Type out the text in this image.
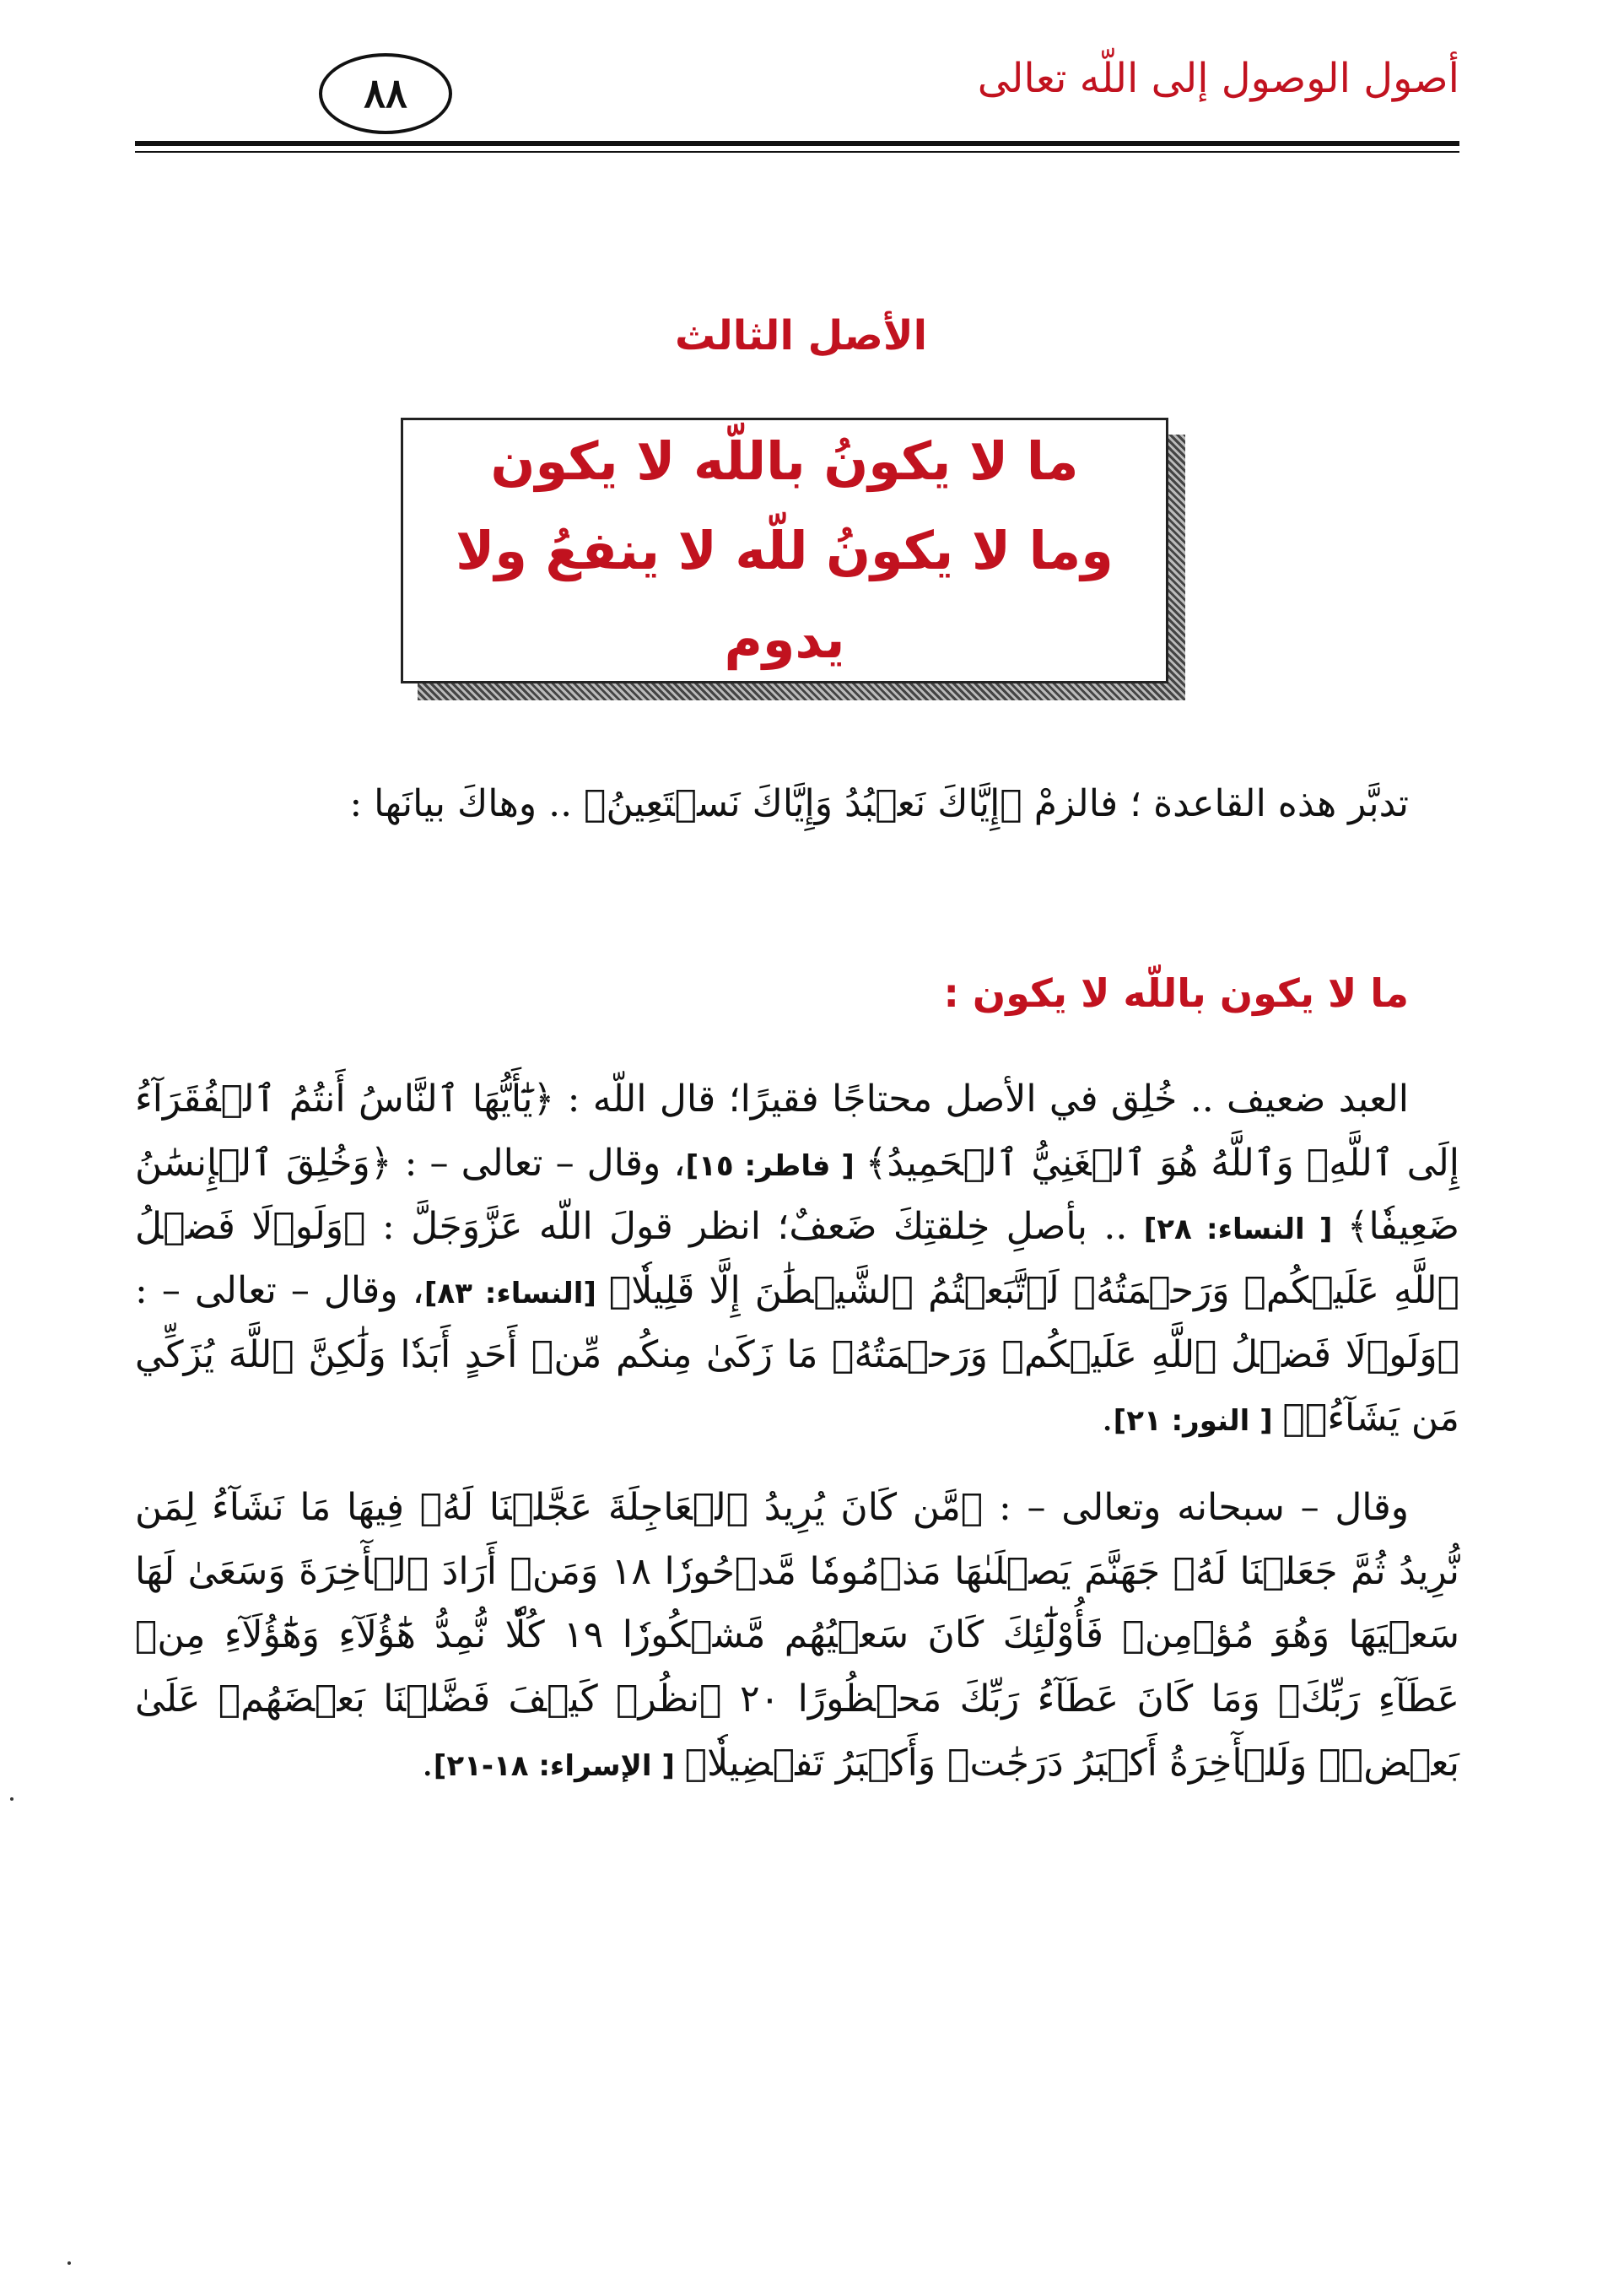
٨٨	أصول الوصول إلى اللّه تعالى
الأصل الثالث
ما لا يكونُ باللّه لا يكون
وما لا يكونُ للّه لا ينفعُ ولا يدوم

تدبَّر هذه القاعدة ؛ فالزمْ ﴿إِيَّاكَ نَعۡبُدُ وَإِيَّاكَ نَسۡتَعِينُ﴾ .. وهاكَ بيانَها :

ما لا يكون باللّه لا يكون :

العبد ضعيف .. خُلِق في الأصل محتاجًا فقيرًا؛ قال اللّه : ﴿يَٰٓأَيُّهَا ٱلنَّاسُ أَنتُمُ ٱلۡفُقَرَآءُ إِلَى ٱللَّهِۖ وَٱللَّهُ هُوَ ٱلۡغَنِيُّ ٱلۡحَمِيدُ﴾ [ فاطر: ١٥]، وقال – تعالى – : ﴿وَخُلِقَ ٱلۡإِنسَٰنُ ضَعِيفٗا﴾ [ النساء: ٢٨] .. بأصلِ خِلقتِكَ ضَعفٌ؛ انظر قولَ اللّه عَزَّوَجَلَّ : ﴿وَلَوۡلَا فَضۡلُ ٱللَّهِ عَلَيۡكُمۡ وَرَحۡمَتُهُۥ لَٱتَّبَعۡتُمُ ٱلشَّيۡطَٰنَ إِلَّا قَلِيلٗا﴾ [النساء: ٨٣]، وقال – تعالى – : ﴿وَلَوۡلَا فَضۡلُ ٱللَّهِ عَلَيۡكُمۡ وَرَحۡمَتُهُۥ مَا زَكَىٰ مِنكُم مِّنۡ أَحَدٍ أَبَدٗا وَلَٰكِنَّ ٱللَّهَ يُزَكِّي مَن يَشَآءُۗ﴾ [ النور: ٢١].

وقال – سبحانه وتعالى – : ﴿مَّن كَانَ يُرِيدُ ٱلۡعَاجِلَةَ عَجَّلۡنَا لَهُۥ فِيهَا مَا نَشَآءُ لِمَن نُّرِيدُ ثُمَّ جَعَلۡنَا لَهُۥ جَهَنَّمَ يَصۡلَىٰهَا مَذۡمُومٗا مَّدۡحُورٗا ١٨ وَمَنۡ أَرَادَ ٱلۡأٓخِرَةَ وَسَعَىٰ لَهَا سَعۡيَهَا وَهُوَ مُؤۡمِنٞ فَأُوْلَٰٓئِكَ كَانَ سَعۡيُهُم مَّشۡكُورٗا ١٩ كُلّٗا نُّمِدُّ هَٰٓؤُلَآءِ وَهَٰٓؤُلَآءِ مِنۡ عَطَآءِ رَبِّكَۚ وَمَا كَانَ عَطَآءُ رَبِّكَ مَحۡظُورًا ٢٠ ٱنظُرۡ كَيۡفَ فَضَّلۡنَا بَعۡضَهُمۡ عَلَىٰ بَعۡضٖۚ وَلَلۡأٓخِرَةُ أَكۡبَرُ دَرَجَٰتٖ وَأَكۡبَرُ تَفۡضِيلٗا﴾ [ الإسراء: ١٨-٢١].
